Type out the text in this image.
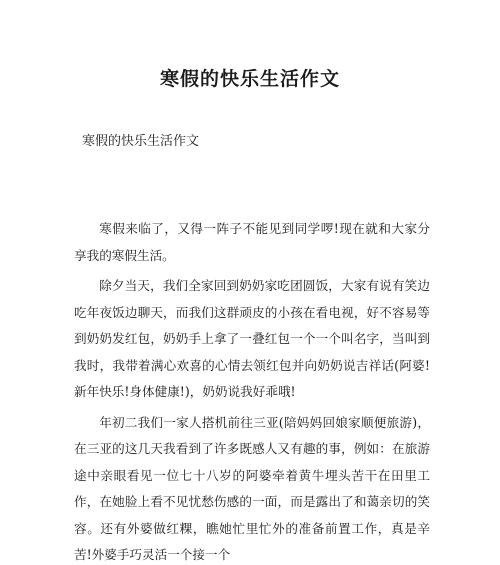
寒假的快乐生活作文
寒假的快乐生活作文

寒假来临了，又得一阵子不能见到同学啰!现在就和大家分享我的寒假生活。

除夕当天，我们全家回到奶奶家吃团圆饭，大家有说有笑边吃年夜饭边聊天，而我们这群顽皮的小孩在看电视，好不容易等到奶奶发红包，奶奶手上拿了一叠红包一个一个叫名字，当叫到我时，我带着满心欢喜的心情去领红包并向奶奶说吉祥话(阿婆!新年快乐!身体健康!)，奶奶说我好乖哦!

年初二我们一家人搭机前往三亚(陪妈妈回娘家顺便旅游)，在三亚的这几天我看到了许多既感人又有趣的事，例如：在旅游途中亲眼看见一位七十八岁的阿婆牵着黄牛埋头苦干在田里工作，在她脸上看不见忧愁伤感的一面，而是露出了和蔼亲切的笑容。还有外婆做红粿，瞧她忙里忙外的准备前置工作，真是辛苦!外婆手巧灵活一个接一个
